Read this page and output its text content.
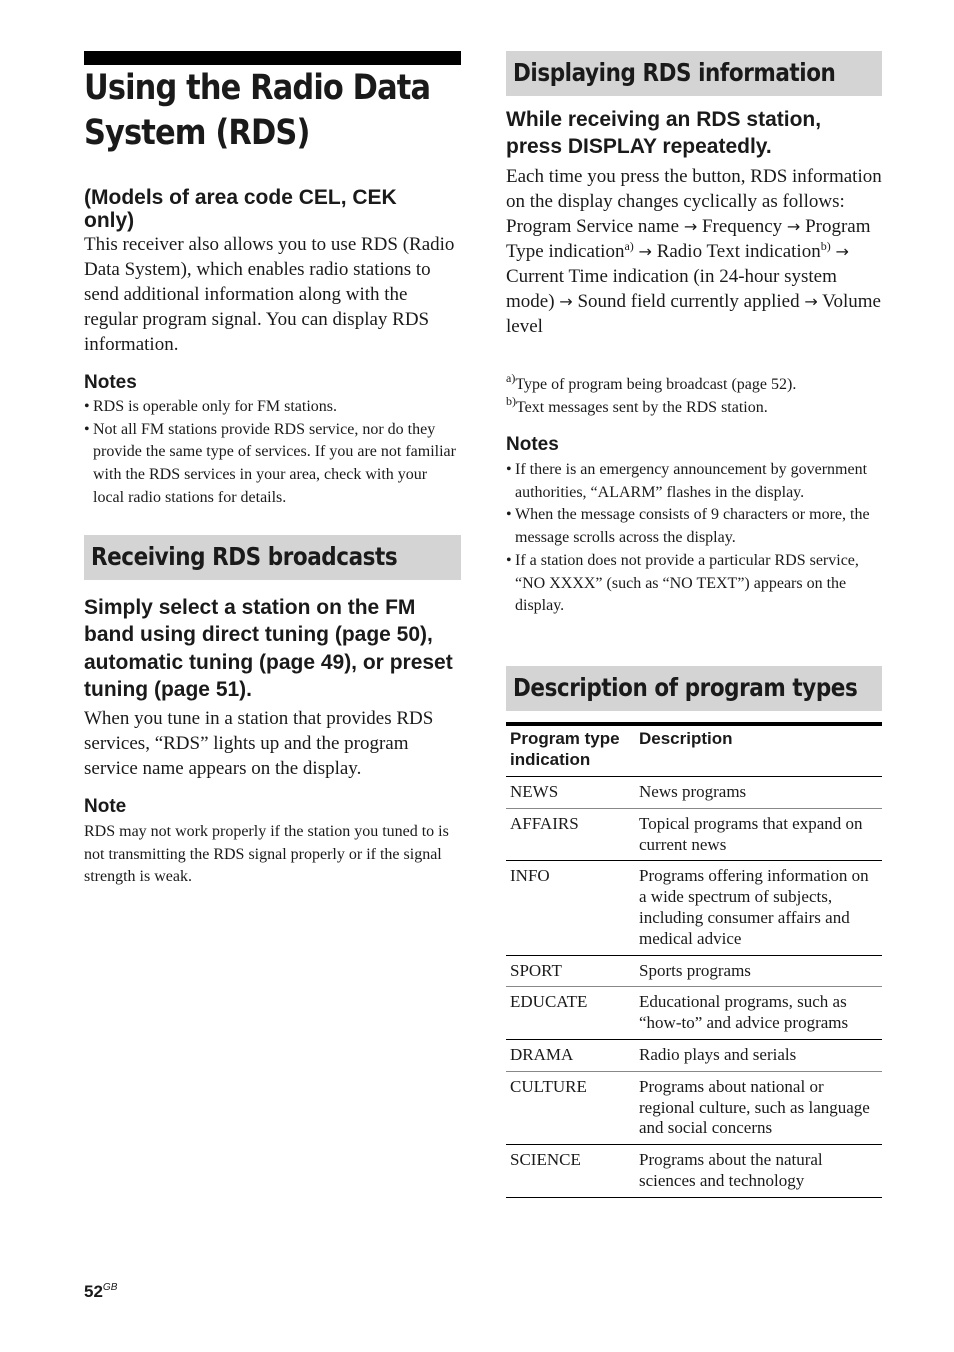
Using the Radio Data
System (RDS)

(Models of area code CEL, CEK only)

This receiver also allows you to use RDS (Radio Data System), which enables radio stations to send additional information along with the regular program signal. You can display RDS information.

Notes

• RDS is operable only for FM stations.
• Not all FM stations provide RDS service, nor do they provide the same type of services. If you are not familiar with the RDS services in your area, check with your local radio stations for details.
Receiving RDS broadcasts

Simply select a station on the FM band using direct tuning (page 50), automatic tuning (page 49), or preset tuning (page 51).

When you tune in a station that provides RDS services, “RDS” lights up and the program service name appears on the display.

Note

RDS may not work properly if the station you tuned to is not transmitting the RDS signal properly or if the signal strength is weak.

Displaying RDS information

While receiving an RDS station, press DISPLAY repeatedly.

Each time you press the button, RDS information on the display changes cyclically as follows:

Program Service name → Frequency → Program Type indication$^{a)}$ → Radio Text indication$^{b)}$ → Current Time indication (in 24-hour system mode) → Sound field currently applied → Volume level

$^{a)}$Type of program being broadcast (page 52).

$^{b)}$Text messages sent by the RDS station.

Notes

• If there is an emergency announcement by government authorities, “ALARM” flashes in the display.
• When the message consists of 9 characters or more, the message scrolls across the display.
• If a station does not provide a particular RDS service, “NO XXXX” (such as “NO TEXT”) appears on the display.
Description of program types
Program type indication	Description
NEWS	News programs
AFFAIRS	Topical programs that expand on current news
INFO	Programs offering information on a wide spectrum of subjects, including consumer affairs and medical advice
SPORT	Sports programs
EDUCATE	Educational programs, such as “how-to” and advice programs
DRAMA	Radio plays and serials
CULTURE	Programs about national or regional culture, such as language and social concerns
SCIENCE	Programs about the natural sciences and technology
$52^{GB}$
